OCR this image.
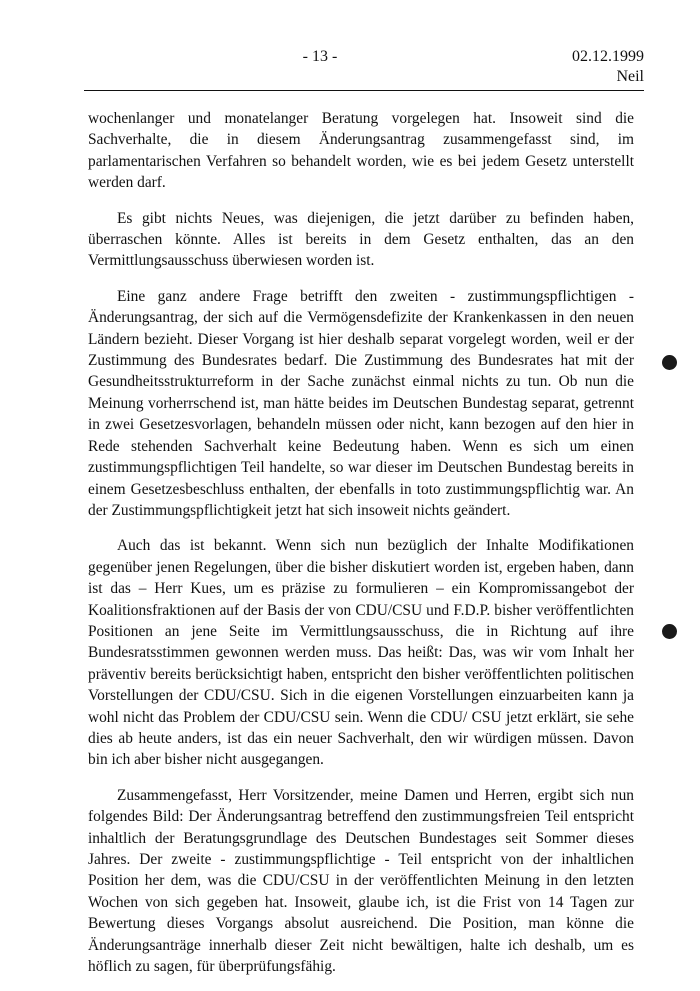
- 13 -	02.12.1999
Neil

wochenlanger und monatelanger Beratung vorgelegen hat. Insoweit sind die Sachverhalte, die in diesem Änderungsantrag zusammengefasst sind, im parlamentarischen Verfahren so behandelt worden, wie es bei jedem Gesetz unterstellt werden darf.

Es gibt nichts Neues, was diejenigen, die jetzt darüber zu befinden haben, überraschen könnte. Alles ist bereits in dem Gesetz enthalten, das an den Vermittlungsausschuss überwiesen worden ist.

Eine ganz andere Frage betrifft den zweiten - zustimmungspflichtigen - Änderungsantrag, der sich auf die Vermögensdefizite der Krankenkassen in den neuen Ländern bezieht. Dieser Vorgang ist hier deshalb separat vorgelegt worden, weil er der Zustimmung des Bundesrates bedarf. Die Zustimmung des Bundesrates hat mit der Gesundheitsstrukturreform in der Sache zunächst einmal nichts zu tun. Ob nun die Meinung vorherrschend ist, man hätte beides im Deutschen Bundestag separat, getrennt in zwei Gesetzesvorlagen, behandeln müssen oder nicht, kann bezogen auf den hier in Rede stehenden Sachverhalt keine Bedeutung haben. Wenn es sich um einen zustimmungspflichtigen Teil handelte, so war dieser im Deutschen Bundestag bereits in einem Gesetzesbeschluss enthalten, der ebenfalls in toto zustimmungspflichtig war. An der Zustimmungspflichtigkeit jetzt hat sich insoweit nichts geändert.

Auch das ist bekannt. Wenn sich nun bezüglich der Inhalte Modifikationen gegenüber jenen Regelungen, über die bisher diskutiert worden ist, ergeben haben, dann ist das – Herr Kues, um es präzise zu formulieren – ein Kompromissangebot der Koalitionsfraktionen auf der Basis der von CDU/CSU und F.D.P. bisher veröffentlichten Positionen an jene Seite im Vermittlungsausschuss, die in Richtung auf ihre Bundesratsstimmen gewonnen werden muss. Das heißt: Das, was wir vom Inhalt her präventiv bereits berücksichtigt haben, entspricht den bisher veröffentlichten politischen Vorstellungen der CDU/CSU. Sich in die eigenen Vorstellungen einzuarbeiten kann ja wohl nicht das Problem der CDU/CSU sein. Wenn die CDU/ CSU jetzt erklärt, sie sehe dies ab heute anders, ist das ein neuer Sachverhalt, den wir würdigen müssen. Davon bin ich aber bisher nicht ausgegangen.

Zusammengefasst, Herr Vorsitzender, meine Damen und Herren, ergibt sich nun folgendes Bild: Der Änderungsantrag betreffend den zustimmungsfreien Teil entspricht inhaltlich der Beratungsgrundlage des Deutschen Bundestages seit Sommer dieses Jahres. Der zweite - zustimmungspflichtige - Teil entspricht von der inhaltlichen Position her dem, was die CDU/CSU in der veröffentlichten Meinung in den letzten Wochen von sich gegeben hat. Insoweit, glaube ich, ist die Frist von 14 Tagen zur Bewertung dieses Vorgangs absolut ausreichend. Die Position, man könne die Änderungsanträge innerhalb dieser Zeit nicht bewältigen, halte ich deshalb, um es höflich zu sagen, für überprüfungsfähig.
